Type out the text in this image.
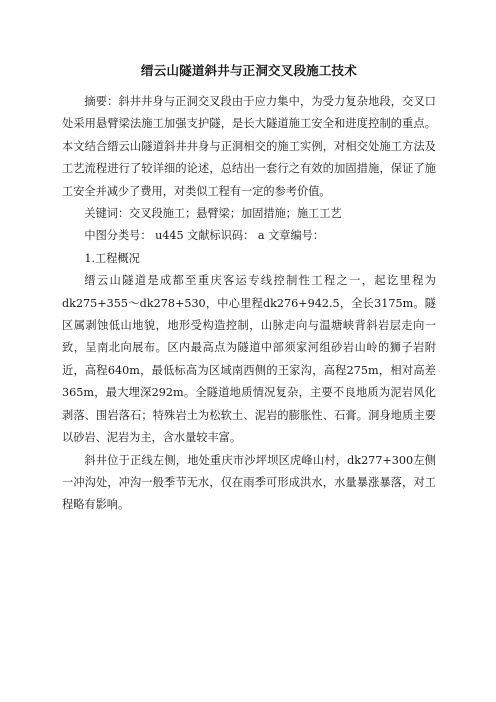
缙云山隧道斜井与正洞交叉段施工技术

摘要：斜井井身与正洞交叉段由于应力集中，为受力复杂地段，交叉口处采用悬臂梁法施工加强支护隧，是长大隧道施工安全和进度控制的重点。本文结合缙云山隧道斜井井身与正洞相交的施工实例，对相交处施工方法及工艺流程进行了较详细的论述，总结出一套行之有效的加固措施，保证了施工安全并减少了费用，对类似工程有一定的参考价值。

关键词：交叉段施工；悬臂梁；加固措施；施工工艺

中图分类号： u445 文献标识码： a 文章编号：

1.工程概况

缙云山隧道是成都至重庆客运专线控制性工程之一，起讫里程为dk275+355～dk278+530，中心里程dk276+942.5，全长3175m。隧区属剥蚀低山地貌，地形受构造控制，山脉走向与温塘峡背斜岩层走向一致，呈南北向展布。区内最高点为隧道中部须家河组砂岩山岭的狮子岩附近，高程640m，最低标高为区域南西侧的王家沟，高程275m，相对高差365m，最大埋深292m。全隧道地质情况复杂，主要不良地质为泥岩风化剥落、围岩落石；特殊岩土为松软土、泥岩的膨胀性、石膏。洞身地质主要以砂岩、泥岩为主，含水量较丰富。

斜井位于正线左侧，地处重庆市沙坪坝区虎峰山村，dk277+300左侧一冲沟处，冲沟一般季节无水，仅在雨季可形成洪水，水量暴涨暴落，对工程略有影响。
